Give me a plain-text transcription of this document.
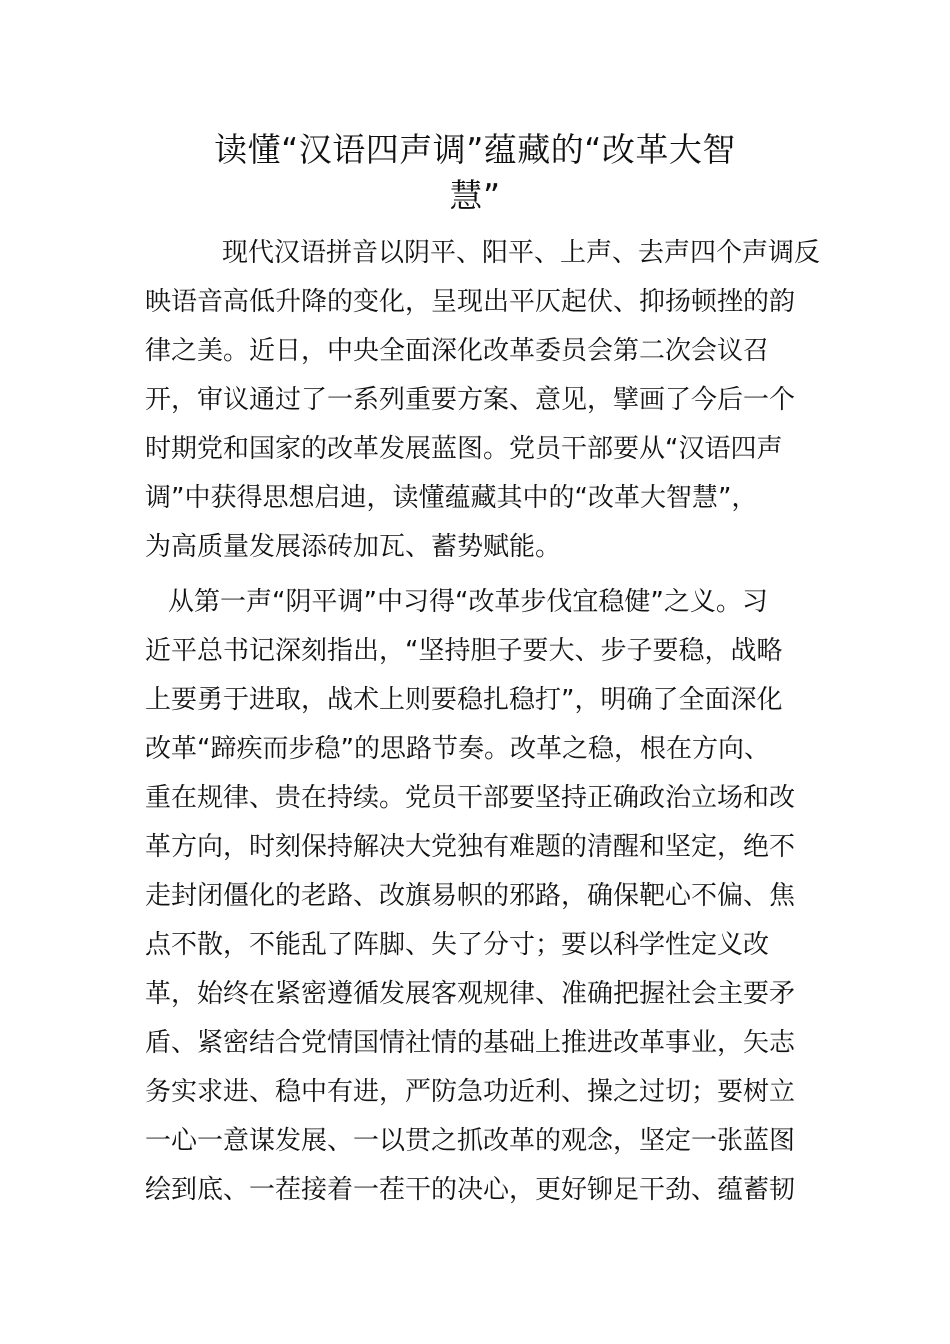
读懂“汉语四声调”蕴藏的“改革大智
慧”

现代汉语拼音以阴平、阳平、上声、去声四个声调反

映语音高低升降的变化，呈现出平仄起伏、抑扬顿挫的韵

律之美。近日，中央全面深化改革委员会第二次会议召

开，审议通过了一系列重要方案、意见，擘画了今后一个

时期党和国家的改革发展蓝图。党员干部要从“汉语四声

调”中获得思想启迪，读懂蕴藏其中的“改革大智慧”，

为高质量发展添砖加瓦、蓄势赋能。

从第一声“阴平调”中习得“改革步伐宜稳健”之义。习

近平总书记深刻指出，“坚持胆子要大、步子要稳，战略

上要勇于进取，战术上则要稳扎稳打”，明确了全面深化

改革“蹄疾而步稳”的思路节奏。改革之稳，根在方向、

重在规律、贵在持续。党员干部要坚持正确政治立场和改

革方向，时刻保持解决大党独有难题的清醒和坚定，绝不

走封闭僵化的老路、改旗易帜的邪路，确保靶心不偏、焦

点不散，不能乱了阵脚、失了分寸；要以科学性定义改

革，始终在紧密遵循发展客观规律、准确把握社会主要矛

盾、紧密结合党情国情社情的基础上推进改革事业，矢志

务实求进、稳中有进，严防急功近利、操之过切；要树立

一心一意谋发展、一以贯之抓改革的观念，坚定一张蓝图

绘到底、一茬接着一茬干的决心，更好铆足干劲、蕴蓄韧
